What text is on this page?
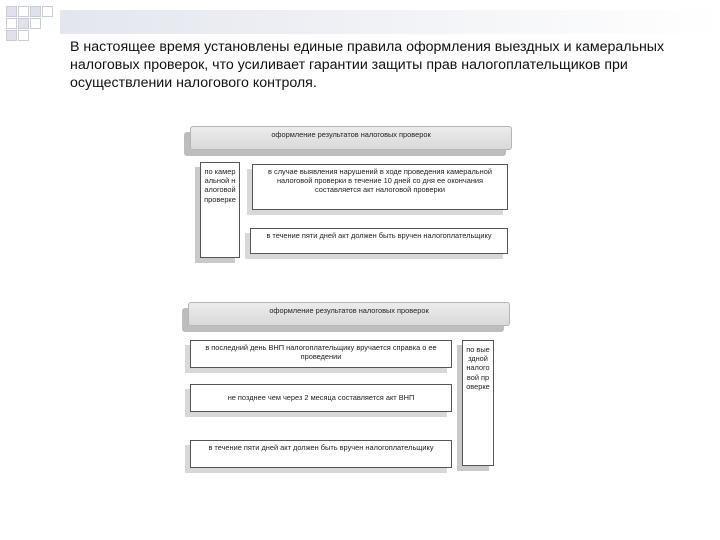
В настоящее время установлены единые правила оформления выездных и камеральных налоговых проверок, что усиливает гарантии защиты прав налогоплательщиков при осуществлении налогового контроля.
оформление результатов налоговых проверок
по камеральной налоговой проверке
в случае выявления нарушений в ходе проведения камеральной налоговой проверки в течение 10 дней со дня ее окончания составляется акт налоговой проверки
в течение пяти дней акт должен быть вручен налогоплательщику
оформление результатов налоговых проверок
в последний день ВНП налогоплательщику вручается справка о ее проведении
не позднее чем через 2 месяца составляется акт ВНП
в течение пяти дней акт должен быть вручен налогоплательщику
по выездной налоговой проверке
